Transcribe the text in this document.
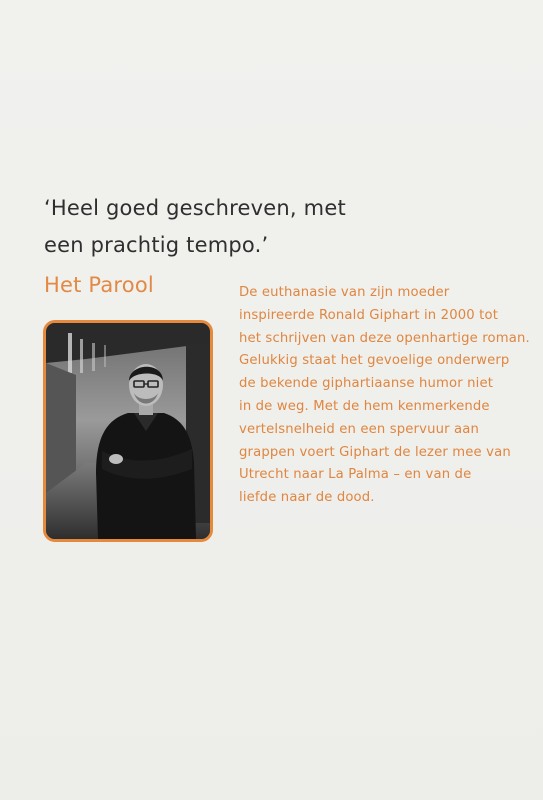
‘Heel goed geschreven, met
een prachtig tempo.’
Het Parool	De euthanasie van zijn moeder
inspireerde Ronald Giphart in 2000 tot
het schrijven van deze openhartige roman.
Gelukkig staat het gevoelige onderwerp
de bekende giphartiaanse humor niet
in de weg. Met de hem kenmerkende
vertelsnelheid en een spervuur aan
grappen voert Giphart de lezer mee van
Utrecht naar La Palma – en van de
liefde naar de dood.
